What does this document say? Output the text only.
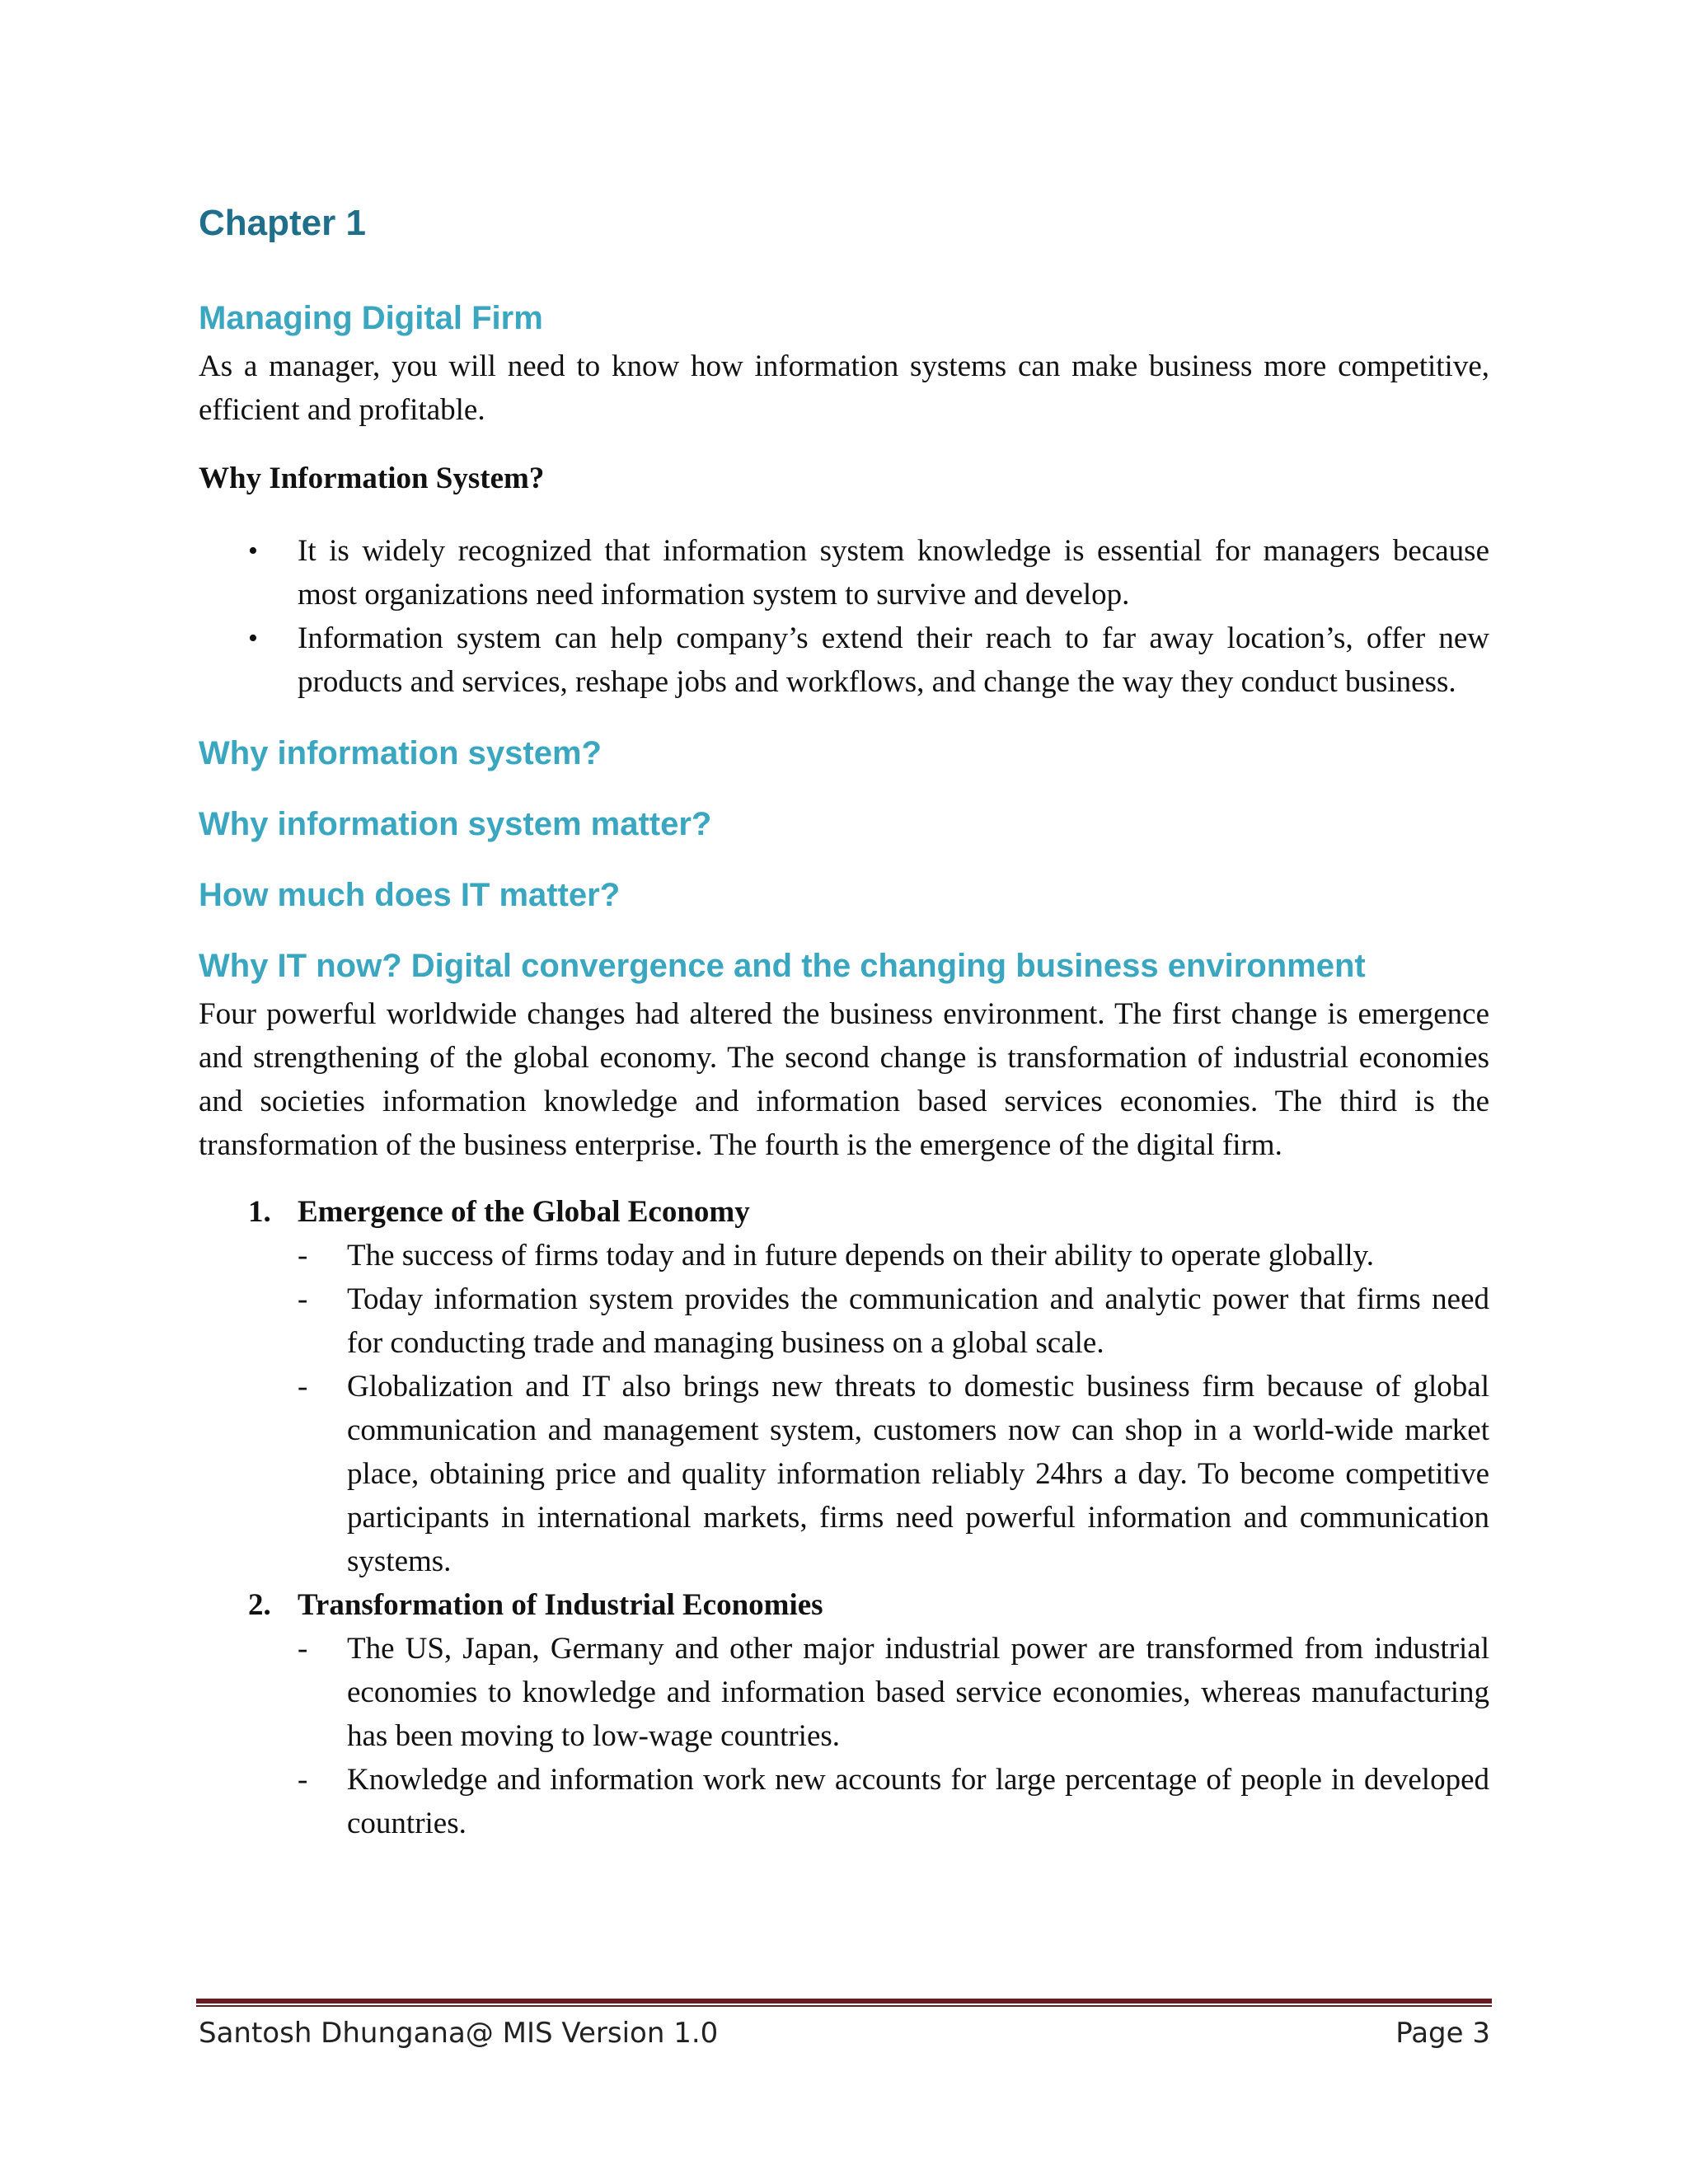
Chapter 1
Managing Digital Firm

As a manager, you will need to know how information systems can make business more competitive, efficient and profitable.

Why Information System?
• It is widely recognized that information system knowledge is essential for managers because most organizations need information system to survive and develop.
• Information system can help company’s extend their reach to far away location’s, offer new products and services, reshape jobs and workflows, and change the way they conduct business.
Why information system?
Why information system matter?
How much does IT matter?
Why IT now? Digital convergence and the changing business environment

Four powerful worldwide changes had altered the business environment. The first change is emergence and strengthening of the global economy. The second change is transformation of industrial economies and societies information knowledge and information based services economies. The third is the transformation of the business enterprise. The fourth is the emergence of the digital firm.

1. Emergence of the Global Economy
- The success of firms today and in future depends on their ability to operate globally.
- Today information system provides the communication and analytic power that firms need for conducting trade and managing business on a global scale.
- Globalization and IT also brings new threats to domestic business firm because of global communication and management system, customers now can shop in a world-wide market place, obtaining price and quality information reliably 24hrs a day. To become competitive participants in international markets, firms need powerful information and communication systems.
2. Transformation of Industrial Economies
- The US, Japan, Germany and other major industrial power are transformed from industrial economies to knowledge and information based service economies, whereas manufacturing has been moving to low-wage countries.
- Knowledge and information work new accounts for large percentage of people in developed countries.
Santosh Dhungana@ MIS Version 1.0	Page 3
